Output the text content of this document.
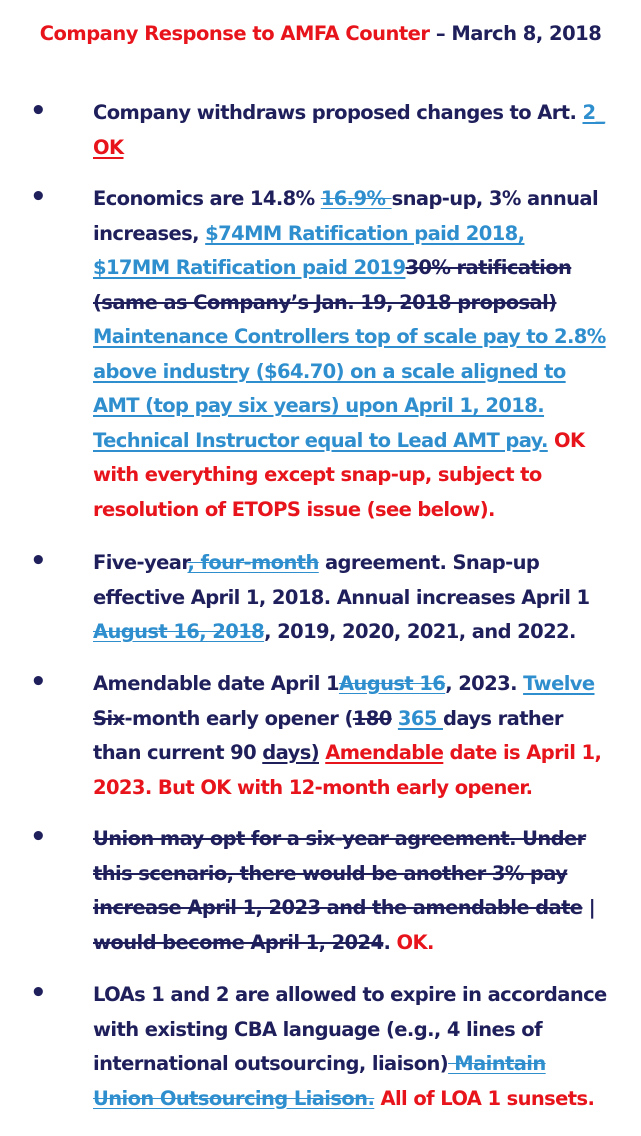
Company Response to AMFA Counter – March 8, 2018
• Company withdraws proposed changes to Art. 2_
OK
• Economics are 14.8% 16.9% snap-up, 3% annual
increases, $74MM Ratification paid 2018,
$17MM Ratification paid 201930% ratification
(same as Company’s Jan. 19, 2018 proposal)
Maintenance Controllers top of scale pay to 2.8%
above industry ($64.70) on a scale aligned to
AMT (top pay six years) upon April 1, 2018.
Technical Instructor equal to Lead AMT pay. OK
with everything except snap-up, subject to
resolution of ETOPS issue (see below).
• Five-year, four-month agreement. Snap-up
effective April 1, 2018. Annual increases April 1
August 16, 2018, 2019, 2020, 2021, and 2022.
• Amendable date April 1August 16, 2023. Twelve
Six-month early opener (180 365 days rather
than current 90 days) Amendable date is April 1,
2023. But OK with 12-month early opener.
• Union may opt for a six-year agreement. Under
this scenario, there would be another 3% pay
increase April 1, 2023 and the amendable date |
would become April 1, 2024. OK.
• LOAs 1 and 2 are allowed to expire in accordance
with existing CBA language (e.g., 4 lines of
international outsourcing, liaison) Maintain
Union Outsourcing Liaison. All of LOA 1 sunsets.
